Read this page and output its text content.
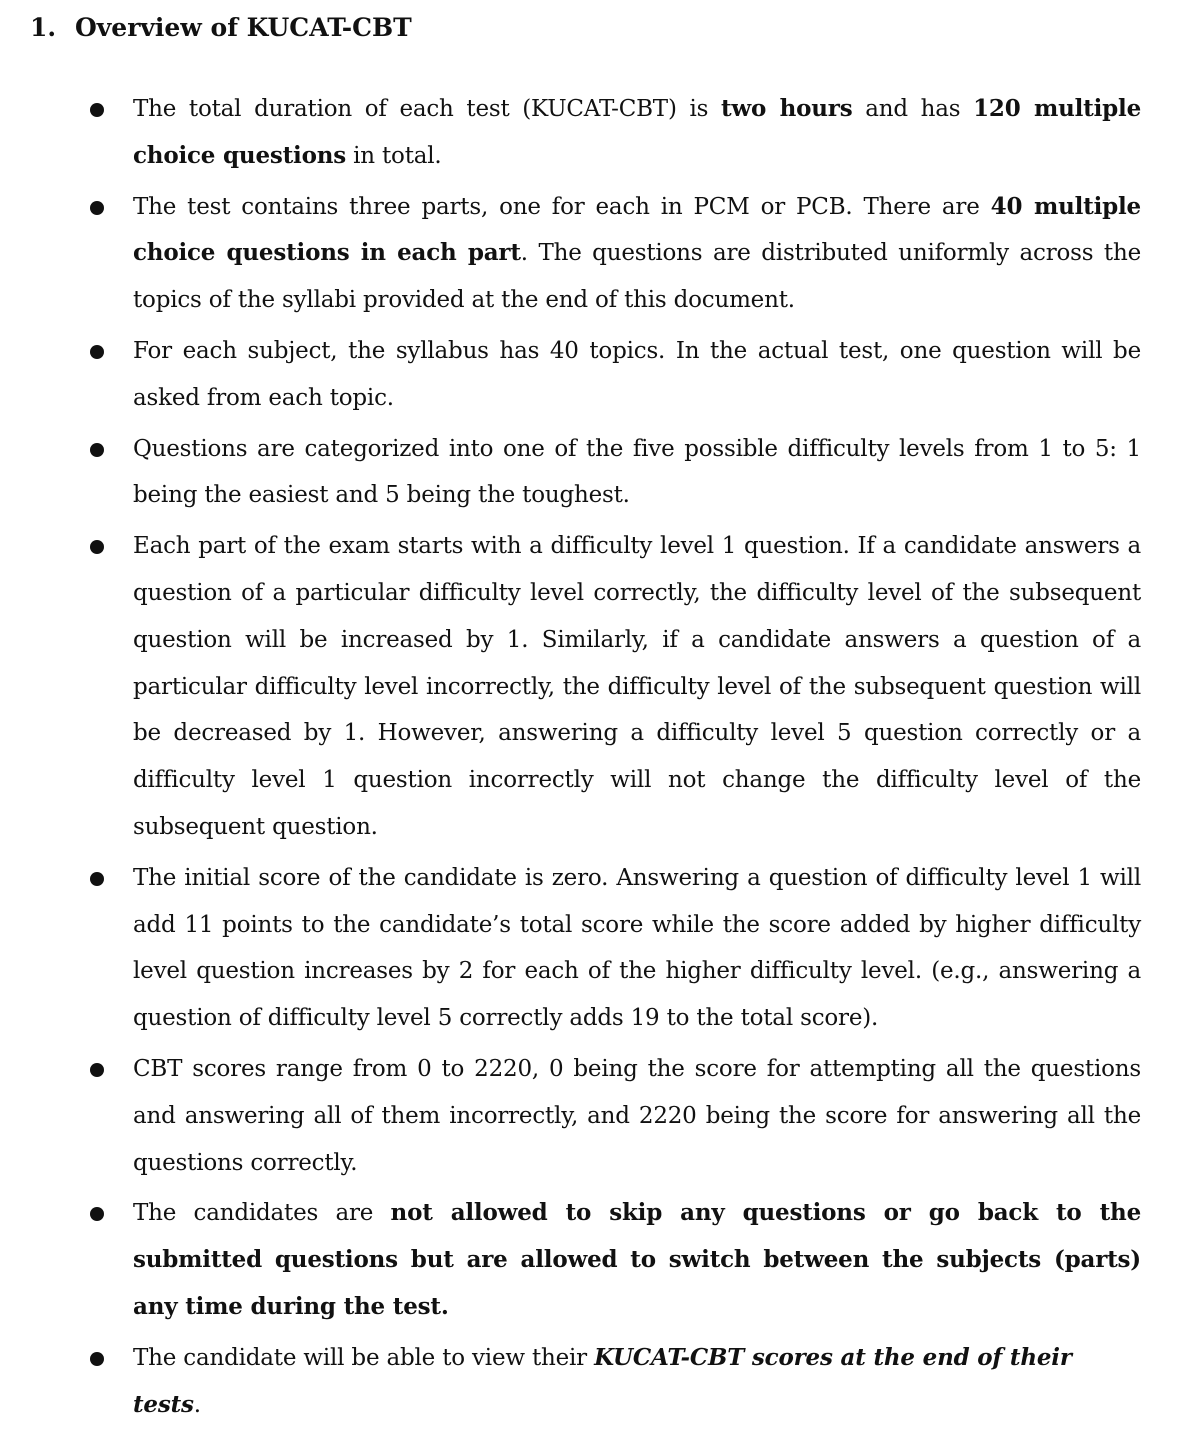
1. Overview of KUCAT-CBT
The total duration of each test (KUCAT-CBT) is two hours and has 120 multiple choice questions in total.
The test contains three parts, one for each in PCM or PCB. There are 40 multiple choice questions in each part. The questions are distributed uniformly across the topics of the syllabi provided at the end of this document.
For each subject, the syllabus has 40 topics. In the actual test, one question will be asked from each topic.
Questions are categorized into one of the five possible difficulty levels from 1 to 5: 1 being the easiest and 5 being the toughest.
Each part of the exam starts with a difficulty level 1 question. If a candidate answers a question of a particular difficulty level correctly, the difficulty level of the subsequent question will be increased by 1. Similarly, if a candidate answers a question of a particular difficulty level incorrectly, the difficulty level of the subsequent question will be decreased by 1. However, answering a difficulty level 5 question correctly or a difficulty level 1 question incorrectly will not change the difficulty level of the subsequent question.
The initial score of the candidate is zero. Answering a question of difficulty level 1 will add 11 points to the candidate’s total score while the score added by higher difficulty level question increases by 2 for each of the higher difficulty level. (e.g., answering a question of difficulty level 5 correctly adds 19 to the total score).
CBT scores range from 0 to 2220, 0 being the score for attempting all the questions and answering all of them incorrectly, and 2220 being the score for answering all the questions correctly.
The candidates are not allowed to skip any questions or go back to the submitted questions but are allowed to switch between the subjects (parts) any time during the test.
The candidate will be able to view their KUCAT-CBT scores at the end of their tests.
